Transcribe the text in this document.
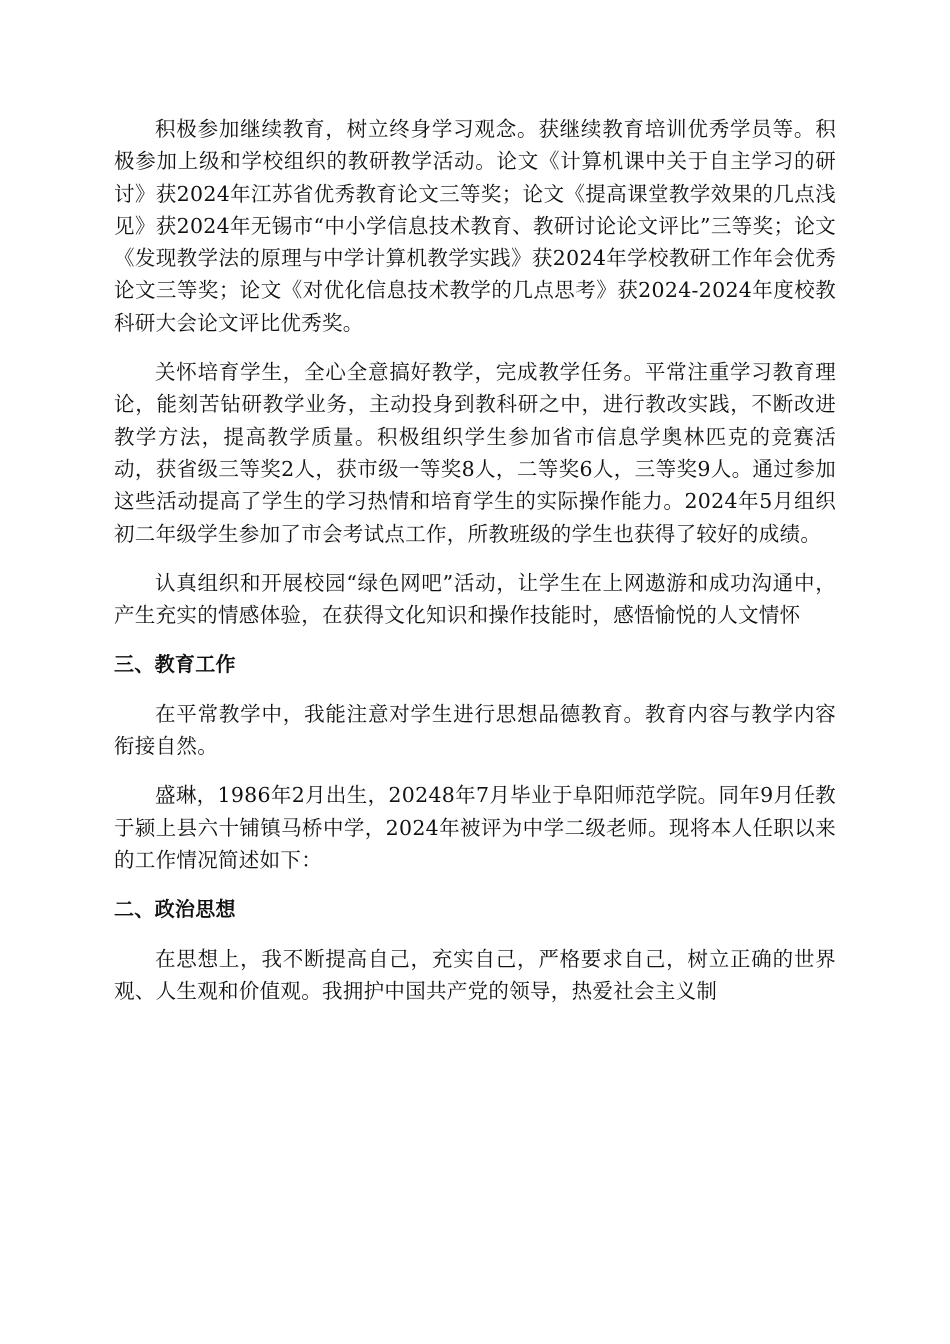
积极参加继续教育，树立终身学习观念。获继续教育培训优秀学员等。积极参加上级和学校组织的教研教学活动。论文《计算机课中关于自主学习的研讨》获2024年江苏省优秀教育论文三等奖；论文《提高课堂教学效果的几点浅见》获2024年无锡市“中小学信息技术教育、教研讨论论文评比”三等奖；论文《发现教学法的原理与中学计算机教学实践》获2024年学校教研工作年会优秀论文三等奖；论文《对优化信息技术教学的几点思考》获2024-2024年度校教科研大会论文评比优秀奖。

关怀培育学生，全心全意搞好教学，完成教学任务。平常注重学习教育理论，能刻苦钻研教学业务，主动投身到教科研之中，进行教改实践，不断改进教学方法，提高教学质量。积极组织学生参加省市信息学奥林匹克的竞赛活动，获省级三等奖2人，获市级一等奖8人，二等奖6人，三等奖9人。通过参加这些活动提高了学生的学习热情和培育学生的实际操作能力。2024年5月组织初二年级学生参加了市会考试点工作，所教班级的学生也获得了较好的成绩。

认真组织和开展校园“绿色网吧”活动，让学生在上网遨游和成功沟通中，产生充实的情感体验，在获得文化知识和操作技能时，感悟愉悦的人文情怀

三、教育工作

在平常教学中，我能注意对学生进行思想品德教育。教育内容与教学内容衔接自然。

盛琳，1986年2月出生，20248年7月毕业于阜阳师范学院。同年9月任教于颍上县六十铺镇马桥中学，2024年被评为中学二级老师。现将本人任职以来的工作情况简述如下：

二、政治思想

在思想上，我不断提高自己，充实自己，严格要求自己，树立正确的世界观、人生观和价值观。我拥护中国共产党的领导，热爱社会主义制
